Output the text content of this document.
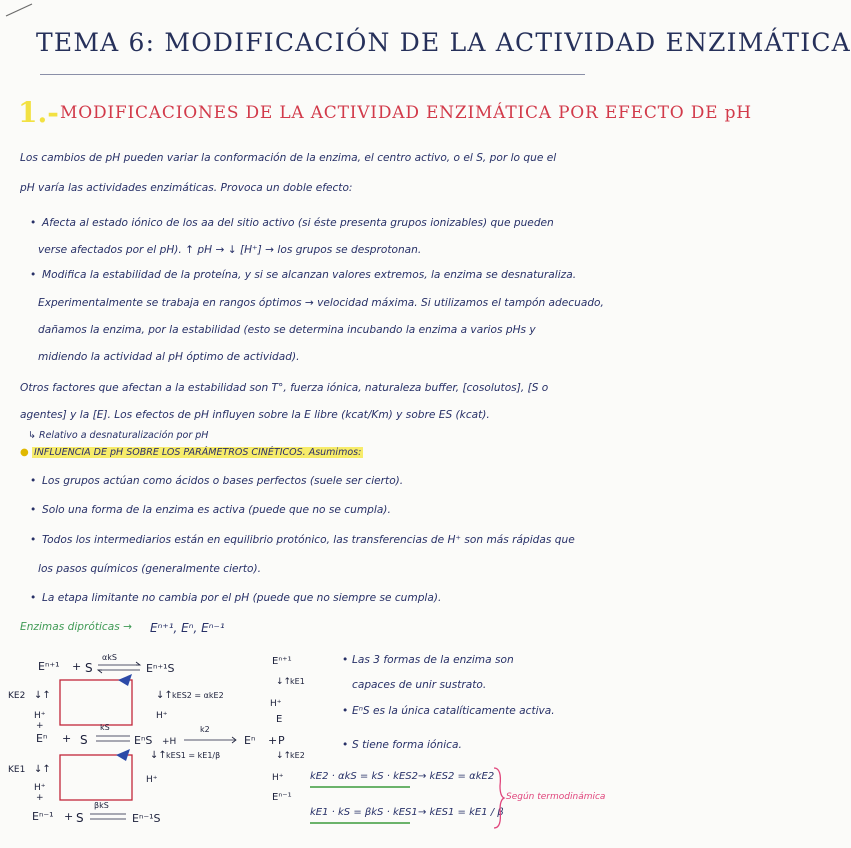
TEMA 6: MODIFICACIÓN DE LA ACTIVIDAD ENZIMÁTICA
1.- MODIFICACIONES DE LA ACTIVIDAD ENZIMÁTICA POR EFECTO DE pH
Los cambios de pH pueden variar la conformación de la enzima, el centro activo, o el S, por lo que el
pH varía las actividades enzimáticas. Provoca un doble efecto:
• Afecta al estado iónico de los aa del sitio activo (si éste presenta grupos ionizables) que pueden
verse afectados por el pH). ↑ pH → ↓ [H⁺] → los grupos se desprotonan.
• Modifica la estabilidad de la proteína, y si se alcanzan valores extremos, la enzima se desnaturaliza.
Experimentalmente se trabaja en rangos óptimos → velocidad máxima. Si utilizamos el tampón adecuado,
dañamos la enzima, por la estabilidad (esto se determina incubando la enzima a varios pHs y
midiendo la actividad al pH óptimo de actividad).
Otros factores que afectan a la estabilidad son T°, fuerza iónica, naturaleza buffer, [cosolutos], [S o
agentes] y la [E]. Los efectos de pH influyen sobre la E libre (kcat/Km) y sobre ES (kcat).
↳ Relativo a desnaturalización por pH
● INFLUENCIA DE pH SOBRE LOS PARÁMETROS CINÉTICOS. Asumimos:
• Los grupos actúan como ácidos o bases perfectos (suele ser cierto).
• Solo una forma de la enzima es activa (puede que no se cumpla).
• Todos los intermediarios están en equilibrio protónico, las transferencias de H⁺ son más rápidas que
los pasos químicos (generalmente cierto).
• La etapa limitante no cambia por el pH (puede que no siempre se cumpla).
Enzimas dipróticas → Eⁿ⁺¹, Eⁿ, Eⁿ⁻¹
Eⁿ⁺¹ + S
αkS
Eⁿ⁺¹S
KE2 ↓↑
H⁺
+
↓↑ kES2 = αkE2
H⁺
Eⁿ + S
kS
EⁿS +H
k2
Eⁿ + P
KE1 ↓↑
H⁺
+
↓↑ kES1 = kE1/β
H⁺
Eⁿ⁻¹ + S
βkS
Eⁿ⁻¹S
Eⁿ⁺¹
↓↑
kE1
H⁺
E
↓↑
kE2
H⁺
Eⁿ⁻¹
• Las 3 formas de la enzima son
capaces de unir sustrato.
• EⁿS es la única catalíticamente activa.
• S tiene forma iónica.
kE2 · αkS = kS · kES2 → kES2 = αkE2
kE1 · kS = βkS · kES1 → kES1 = kE1 / β
Según termodinámica
